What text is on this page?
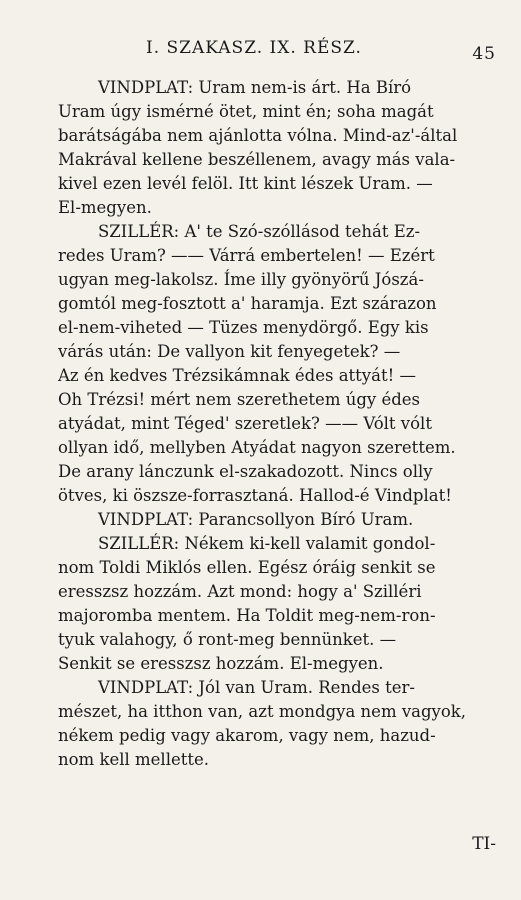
I. SZAKASZ. IX. RÉSZ.	45
VINDPLAT: Uram nem-is árt. Ha Bíró
Uram úgy ismérné ötet, mint én; soha magát
barátságába nem ajánlotta vólna. Mind-az'-által
Makrával kellene beszéllenem, avagy más vala-
kivel ezen levél felöl. Itt kint lészek Uram. —
El-megyen.
SZILLÉR: A' te Szó-szóllásod tehát Ez-
redes Uram? —— Várrá embertelen! — Ezért
ugyan meg-lakolsz. Íme illy gyönyörű Jószá-
gomtól meg-fosztott a' haramja. Ezt szárazon
el-nem-viheted — Tüzes menydörgő. Egy kis
várás után: De vallyon kit fenyegetek? —
Az én kedves Trézsikámnak édes attyát! —
Oh Trézsi! mért nem szerethetem úgy édes
atyádat, mint Téged' szeretlek? —— Vólt vólt
ollyan idő, mellyben Atyádat nagyon szerettem.
De arany lánczunk el-szakadozott. Nincs olly
ötves, ki öszsze-forrasztaná. Hallod-é Vindplat!
VINDPLAT: Parancsollyon Bíró Uram.
SZILLÉR: Nékem ki-kell valamit gondol-
nom Toldi Miklós ellen. Egész óráig senkit se
eresszsz hozzám. Azt mond: hogy a' Szilléri
majoromba mentem. Ha Toldit meg-nem-ron-
tyuk valahogy, ő ront-meg bennünket. —
Senkit se eresszsz hozzám. El-megyen.
VINDPLAT: Jól van Uram. Rendes ter-
mészet, ha itthon van, azt mondgya nem vagyok,
nékem pedig vagy akarom, vagy nem, hazud-
nom kell mellette.
TI-
